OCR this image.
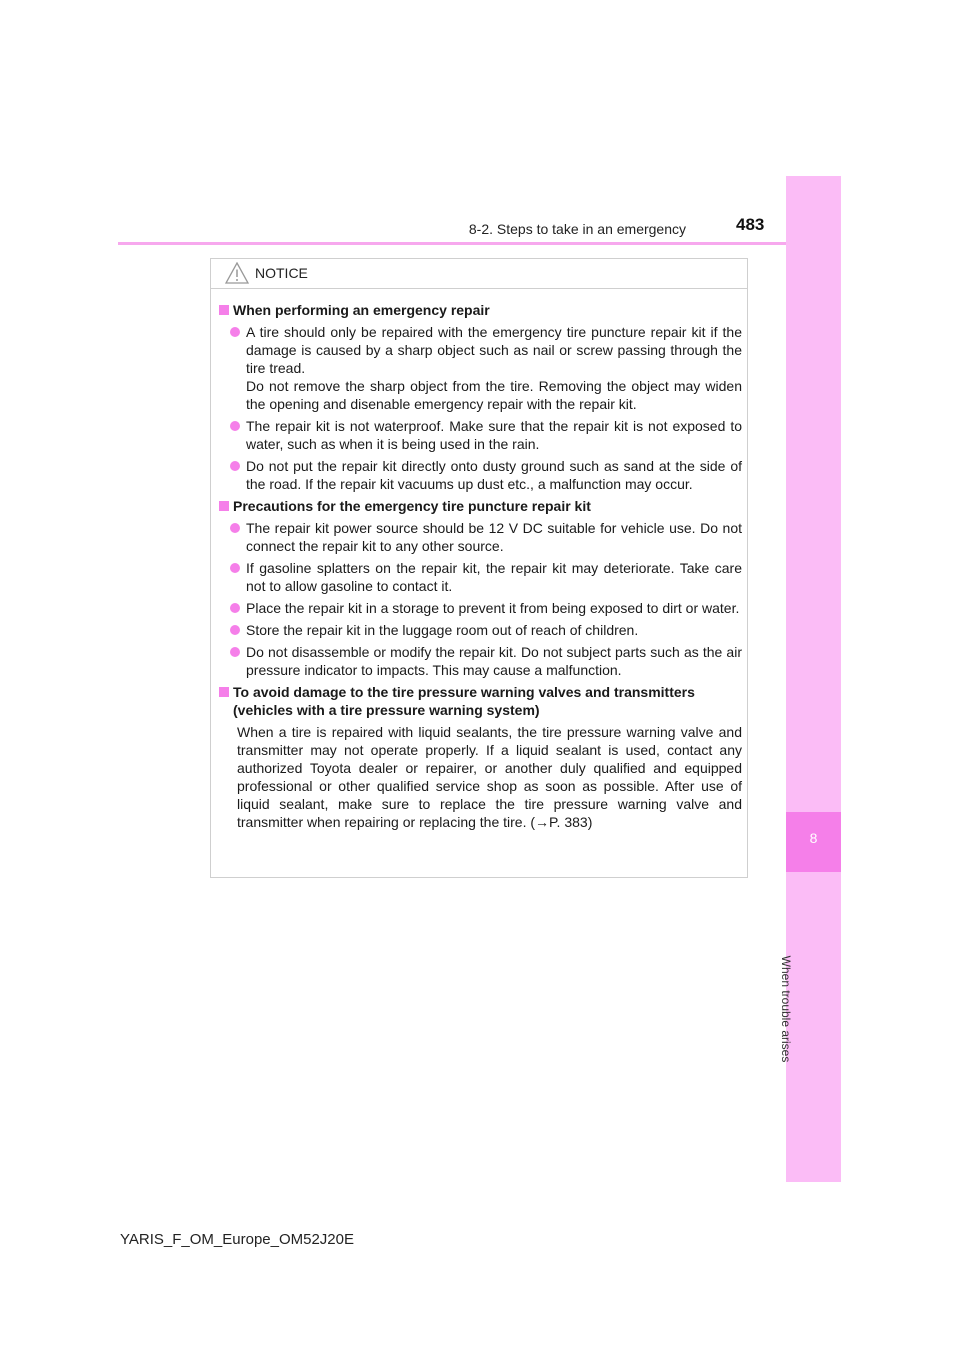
8-2. Steps to take in an emergency	483
8
When trouble arises
NOTICE
When performing an emergency repair
A tire should only be repaired with the emergency tire puncture repair kit if the damage is caused by a sharp object such as nail or screw passing through the tire tread.
Do not remove the sharp object from the tire. Removing the object may widen the opening and disenable emergency repair with the repair kit.
The repair kit is not waterproof. Make sure that the repair kit is not exposed to water, such as when it is being used in the rain.
Do not put the repair kit directly onto dusty ground such as sand at the side of the road. If the repair kit vacuums up dust etc., a malfunction may occur.
Precautions for the emergency tire puncture repair kit
The repair kit power source should be 12 V DC suitable for vehicle use. Do not connect the repair kit to any other source.
If gasoline splatters on the repair kit, the repair kit may deteriorate. Take care not to allow gasoline to contact it.
Place the repair kit in a storage to prevent it from being exposed to dirt or water.
Store the repair kit in the luggage room out of reach of children.
Do not disassemble or modify the repair kit. Do not subject parts such as the air pressure indicator to impacts. This may cause a malfunction.
To avoid damage to the tire pressure warning valves and transmitters (vehicles with a tire pressure warning system)
When a tire is repaired with liquid sealants, the tire pressure warning valve and transmitter may not operate properly. If a liquid sealant is used, contact any authorized Toyota dealer or repairer, or another duly qualified and equipped professional or other qualified service shop as soon as possible. After use of liquid sealant, make sure to replace the tire pressure warning valve and transmitter when repairing or replacing the tire. (→P. 383)
YARIS_F_OM_Europe_OM52J20E
